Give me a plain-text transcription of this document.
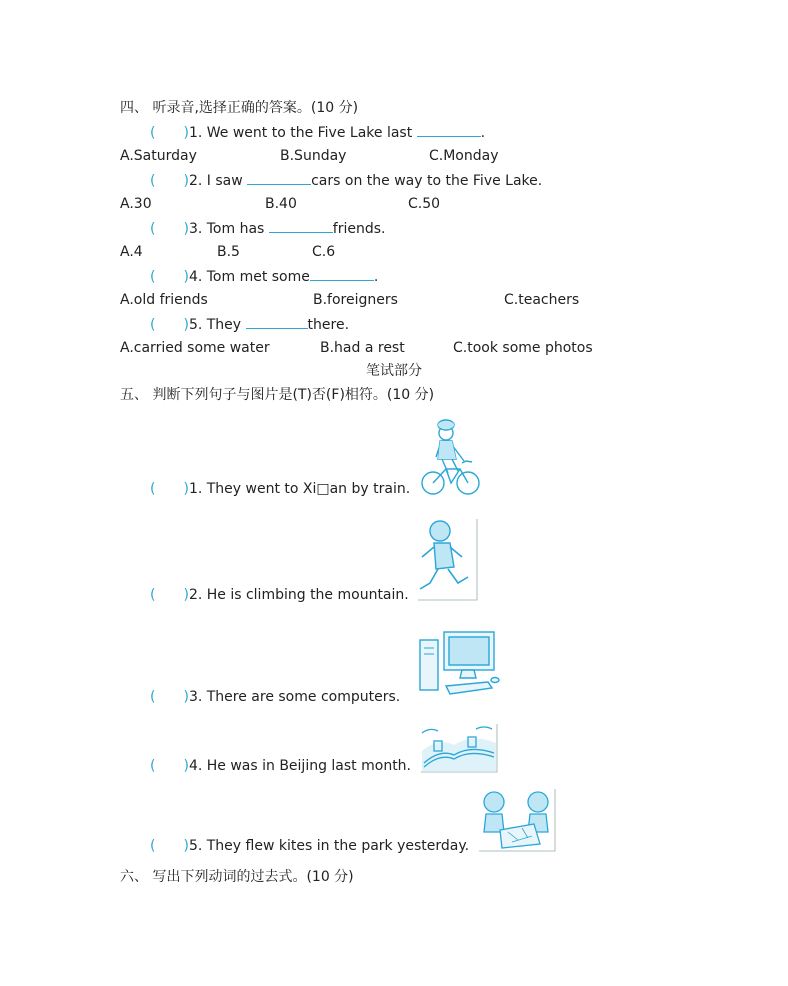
四、 听录音,选择正确的答案。(10 分)
(　　)1. We went to the Five Lake last	.
A.Saturday	B.Sunday	C.Monday
(　　)2. I saw	cars on the way to the Five Lake.
A.30	B.40	C.50
(　　)3. Tom has	friends.
A.4	B.5	C.6
(　　)4. Tom met some	.
A.old friends	B.foreigners	C.teachers
(　　)5. They	there.
A.carried some water	B.had a rest	C.took some photos
笔试部分
五、 判断下列句子与图片是(T)否(F)相符。(10 分)
(　　)1. They went to Xi□an by train.
(　　)2. He is climbing the mountain.
(　　)3. There are some computers.
(　　)4. He was in Beijing last month.
(　　)5. They flew kites in the park yesterday.
六、 写出下列动词的过去式。(10 分)
